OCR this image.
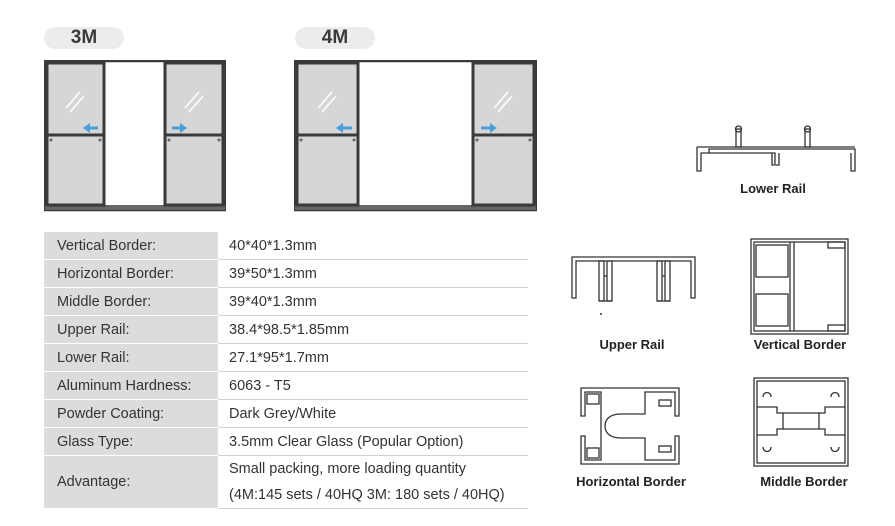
3M	4M
Vertical Border:	40*40*1.3mm
Horizontal Border:	39*50*1.3mm
Middle Border:	39*40*1.3mm
Upper Rail:	38.4*98.5*1.85mm
Lower Rail:	27.1*95*1.7mm
Aluminum Hardness:	6063 - T5
Powder Coating:	Dark Grey/White
Glass Type:	3.5mm Clear Glass (Popular Option)
Advantage:	Small packing, more loading quantity
(4M:145 sets / 40HQ 3M: 180 sets / 40HQ)
Lower Rail
Upper Rail	Vertical Border
Horizontal Border	Middle Border
